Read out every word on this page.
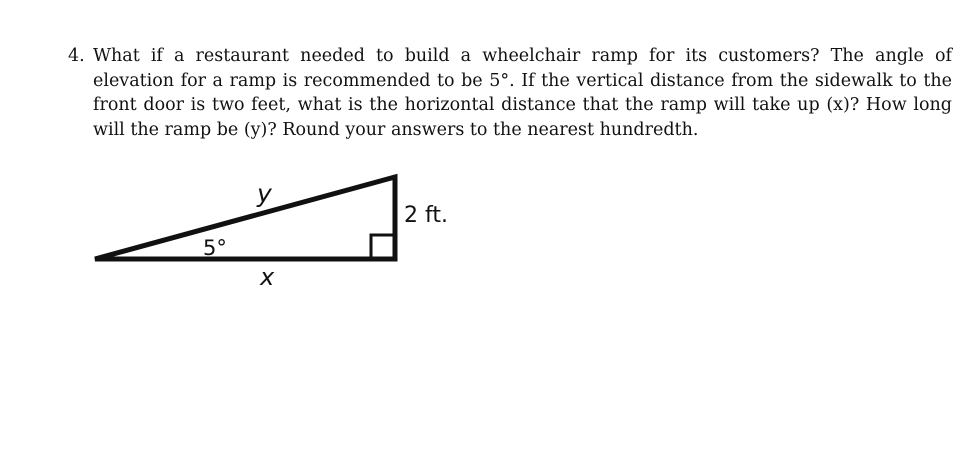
4. What if a restaurant needed to build a wheelchair ramp for its customers? The angle of elevation for a ramp is recommended to be 5°. If the vertical distance from the sidewalk to the front door is two feet, what is the horizontal distance that the ramp will take up (x)? How long will the ramp be (y)? Round your answers to the nearest hundredth.
y
2 ft.
5°
x
